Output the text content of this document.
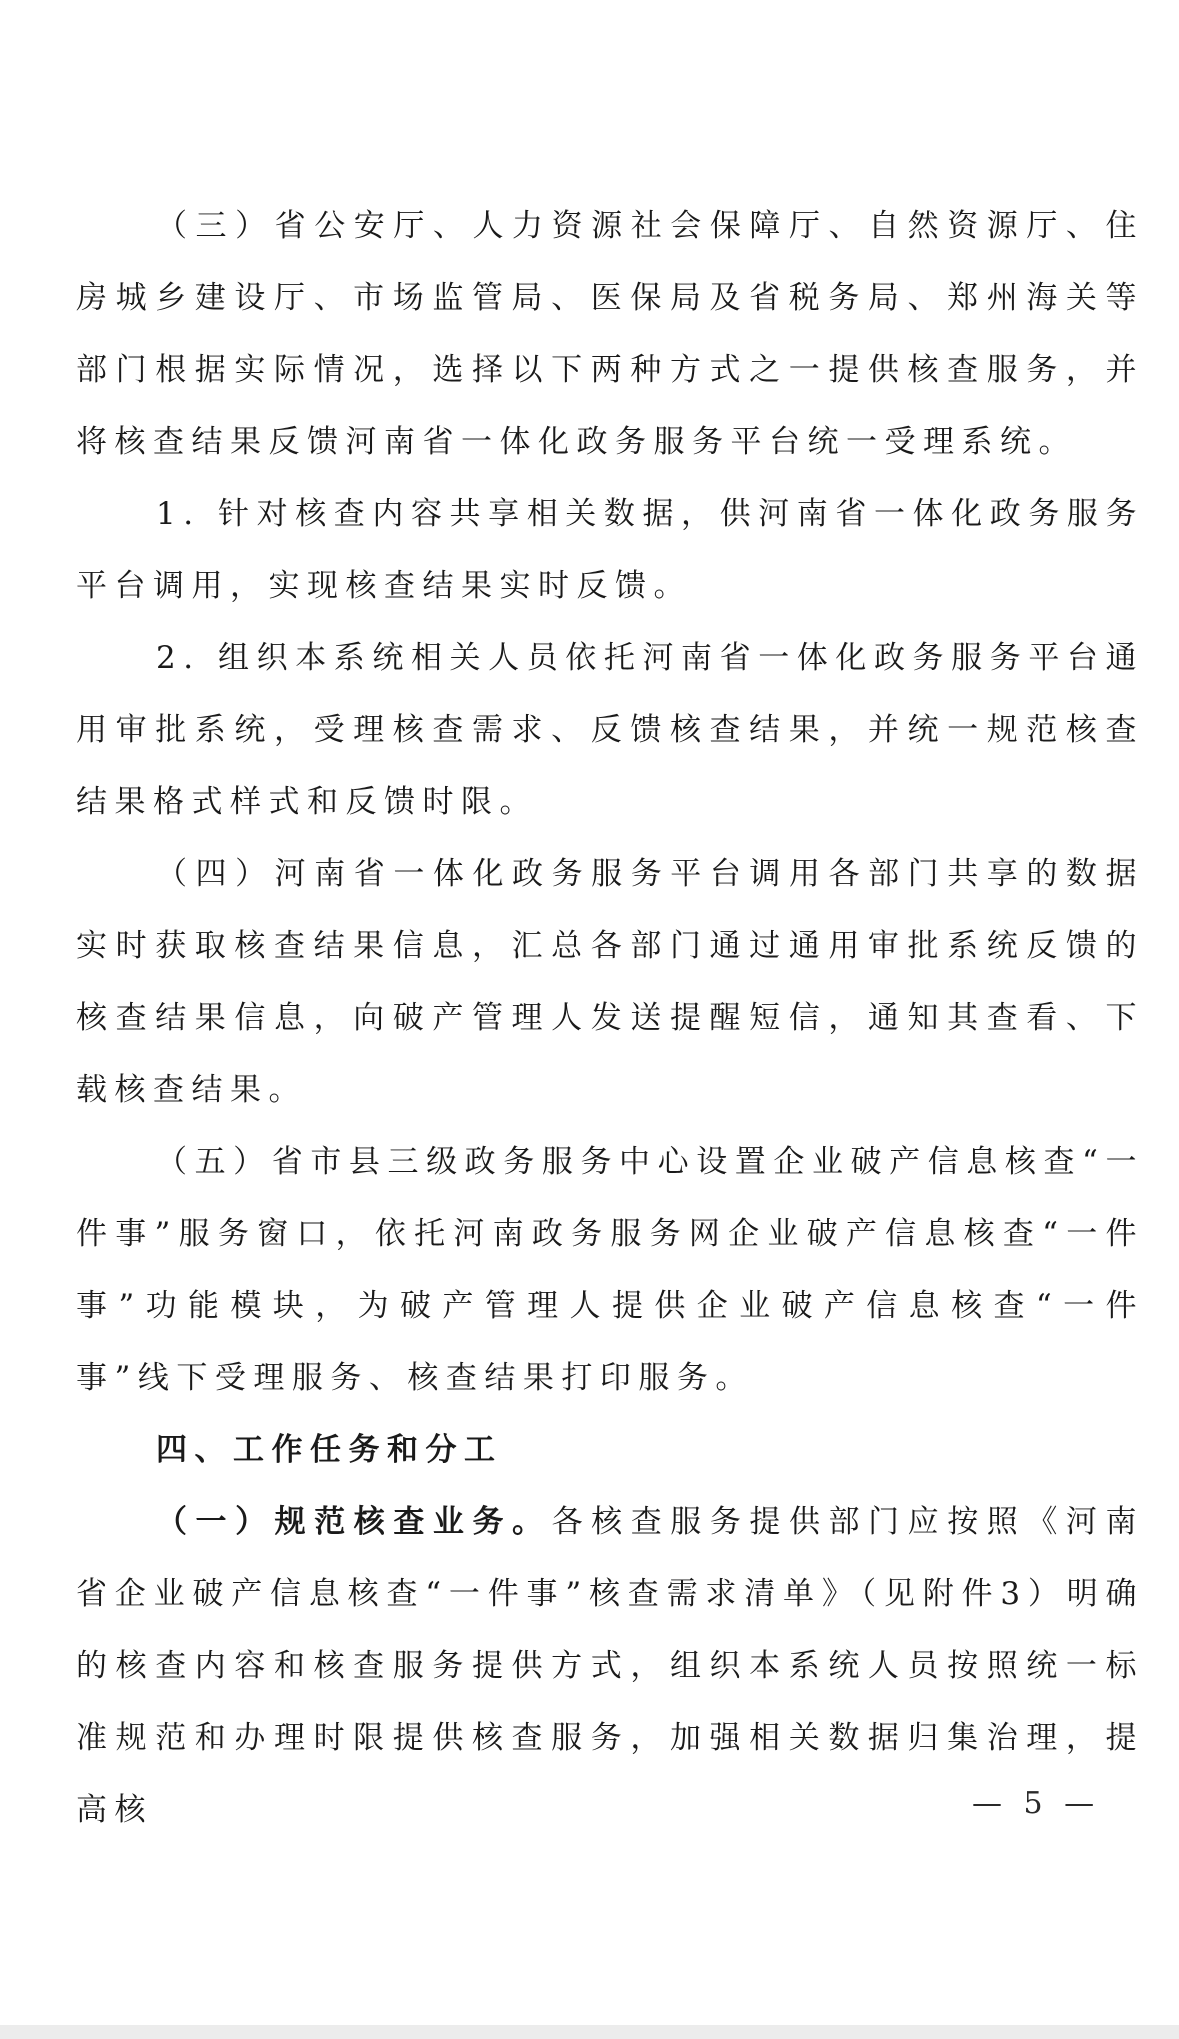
（三）省公安厅、人力资源社会保障厅、自然资源厅、住房城乡建设厅、市场监管局、医保局及省税务局、郑州海关等部门根据实际情况，选择以下两种方式之一提供核查服务，并将核查结果反馈河南省一体化政务服务平台统一受理系统。

1. 针对核查内容共享相关数据，供河南省一体化政务服务平台调用，实现核查结果实时反馈。

2. 组织本系统相关人员依托河南省一体化政务服务平台通用审批系统，受理核查需求、反馈核查结果，并统一规范核查结果格式样式和反馈时限。

（四）河南省一体化政务服务平台调用各部门共享的数据实时获取核查结果信息，汇总各部门通过通用审批系统反馈的核查结果信息，向破产管理人发送提醒短信，通知其查看、下载核查结果。

（五）省市县三级政务服务中心设置企业破产信息核查“一件事”服务窗口，依托河南政务服务网企业破产信息核查“一件事”功能模块，为破产管理人提供企业破产信息核查“一件事”线下受理服务、核查结果打印服务。

四、工作任务和分工

（一）规范核查业务。各核查服务提供部门应按照《河南省企业破产信息核查“一件事”核查需求清单》（见附件3）明确的核查内容和核查服务提供方式，组织本系统人员按照统一标准规范和办理时限提供核查服务，加强相关数据归集治理，提高核	— 5 —
